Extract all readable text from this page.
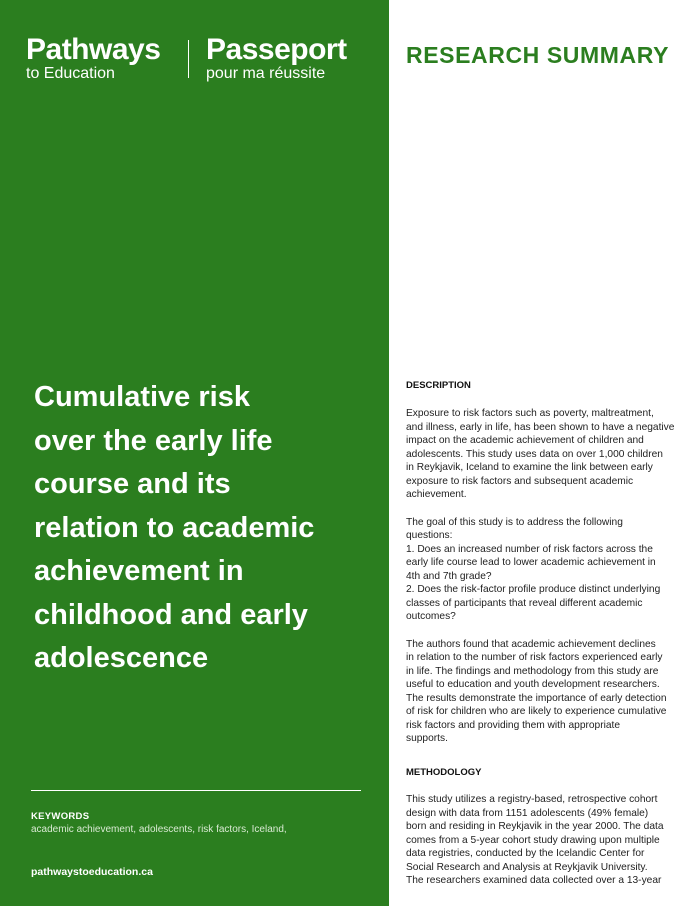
Pathways
to Education
Passeport
pour ma réussite
Cumulative risk
over the early life
course and its
relation to academic
achievement in
childhood and early
adolescence
KEYWORDS
academic achievement, adolescents, risk factors, Iceland,
pathwaystoeducation.ca
RESEARCH SUMMARY
DESCRIPTION

Exposure to risk factors such as poverty, maltreatment,
and illness, early in life, has been shown to have a negative
impact on the academic achievement of children and
adolescents. This study uses data on over 1,000 children
in Reykjavik, Iceland to examine the link between early
exposure to risk factors and subsequent academic
achievement.

The goal of this study is to address the following
questions:
1. Does an increased number of risk factors across the
early life course lead to lower academic achievement in
4th and 7th grade?
2. Does the risk-factor profile produce distinct underlying
classes of participants that reveal different academic
outcomes?

The authors found that academic achievement declines
in relation to the number of risk factors experienced early
in life. The findings and methodology from this study are
useful to education and youth development researchers.
The results demonstrate the importance of early detection
of risk for children who are likely to experience cumulative
risk factors and providing them with appropriate
supports.

METHODOLOGY

This study utilizes a registry-based, retrospective cohort
design with data from 1151 adolescents (49% female)
born and residing in Reykjavik in the year 2000. The data
comes from a 5-year cohort study drawing upon multiple
data registries, conducted by the Icelandic Center for
Social Research and Analysis at Reykjavik University.
The researchers examined data collected over a 13-year
